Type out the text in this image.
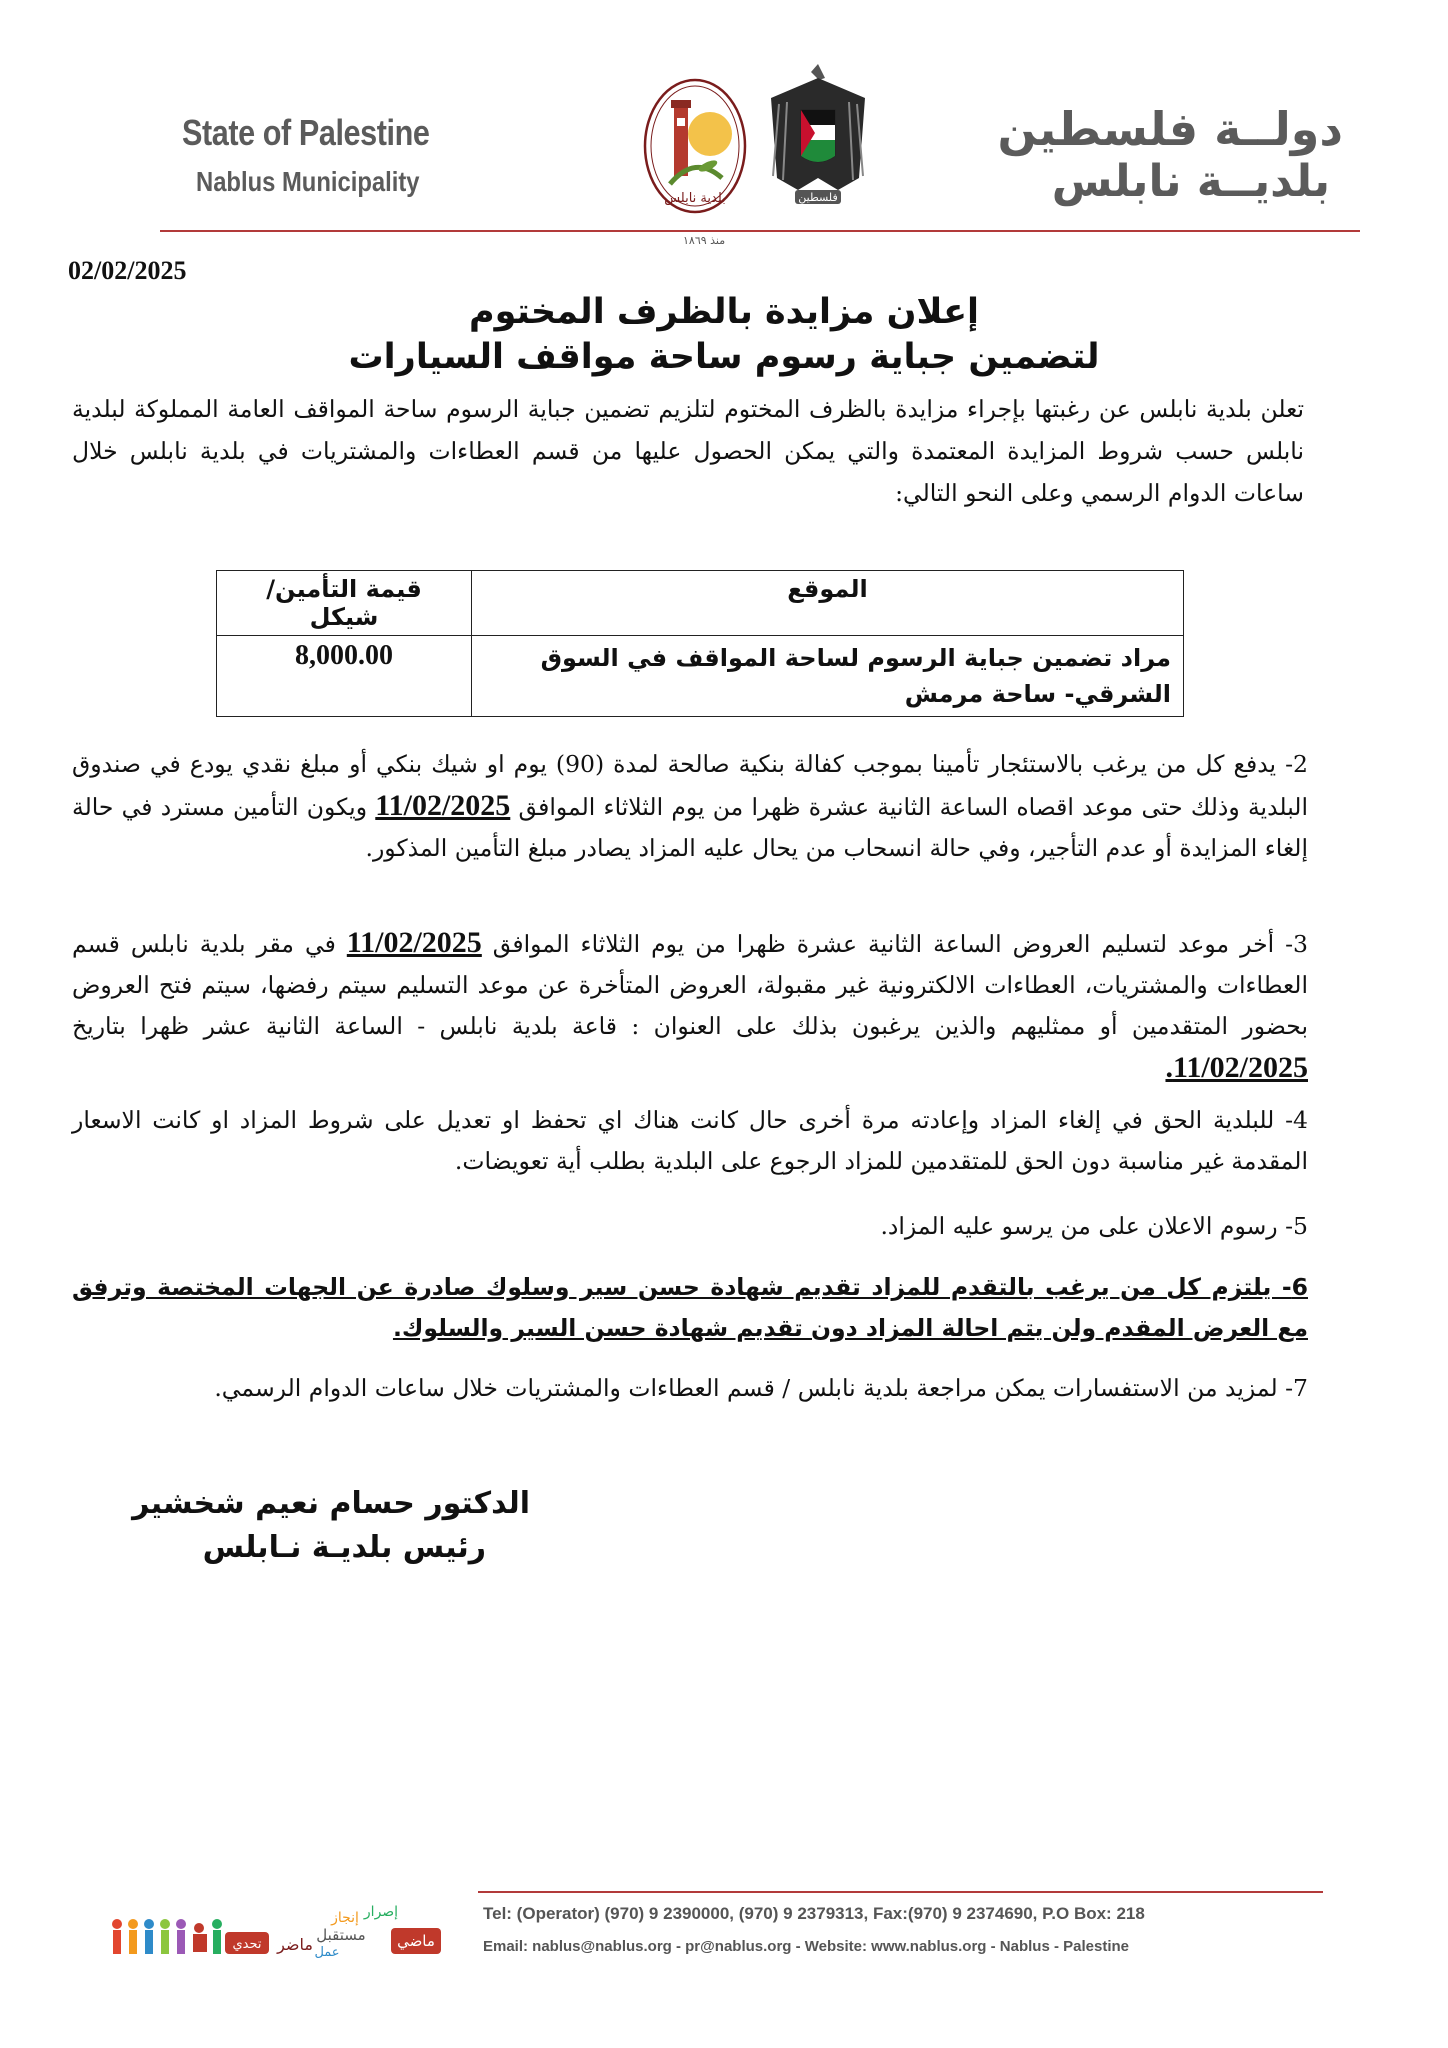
State of Palestine
Nablus Municipality
بلدية نابلس	فلسطين
دولــة فلسطين
بلديــة نابلس
منذ ١٨٦٩
02/02/2025
إعلان مزايدة بالظرف المختوم
لتضمين جباية رسوم ساحة مواقف السيارات
تعلن بلدية نابلس عن رغبتها بإجراء مزايدة بالظرف المختوم لتلزيم تضمين جباية الرسوم ساحة المواقف العامة المملوكة لبلدية نابلس حسب شروط المزايدة المعتمدة والتي يمكن الحصول عليها من قسم العطاءات والمشتريات في بلدية نابلس خلال ساعات الدوام الرسمي وعلى النحو التالي:
الموقع	قيمة التأمين/ شيكل
مراد تضمين جباية الرسوم لساحة المواقف في السوق الشرقي- ساحة مرمش	8,000.00
2- يدفع كل من يرغب بالاستئجار تأمينا بموجب كفالة بنكية صالحة لمدة (90) يوم او شيك بنكي أو مبلغ نقدي يودع في صندوق البلدية وذلك حتى موعد اقصاه الساعة الثانية عشرة ظهرا من يوم الثلاثاء الموافق 11/02/2025 ويكون التأمين مسترد في حالة إلغاء المزايدة أو عدم التأجير، وفي حالة انسحاب من يحال عليه المزاد يصادر مبلغ التأمين المذكور.
3- أخر موعد لتسليم العروض الساعة الثانية عشرة ظهرا من يوم الثلاثاء الموافق 11/02/2025 في مقر بلدية نابلس قسم العطاءات والمشتريات، العطاءات الالكترونية غير مقبولة، العروض المتأخرة عن موعد التسليم سيتم رفضها، سيتم فتح العروض بحضور المتقدمين أو ممثليهم والذين يرغبون بذلك على العنوان : قاعة بلدية نابلس - الساعة الثانية عشر ظهرا بتاريخ 11/02/2025.
4- للبلدية الحق في إلغاء المزاد وإعادته مرة أخرى حال كانت هناك اي تحفظ او تعديل على شروط المزاد او كانت الاسعار المقدمة غير مناسبة دون الحق للمتقدمين للمزاد الرجوع على البلدية بطلب أية تعويضات.
5- رسوم الاعلان على من يرسو عليه المزاد.
6- يلتزم كل من يرغب بالتقدم للمزاد تقديم شهادة حسن سير وسلوك صادرة عن الجهات المختصة وترفق مع العرض المقدم ولن يتم احالة المزاد دون تقديم شهادة حسن السير والسلوك.
7- لمزيد من الاستفسارات يمكن مراجعة بلدية نابلس / قسم العطاءات والمشتريات خلال ساعات الدوام الرسمي.
الدكتور حسام نعيم شخشير
رئيس بلديـة نـابلس
تحدي ماضر عمل
مستقبل
إنجاز إصرار
ماضي
Tel: (Operator) (970) 9 2390000, (970) 9 2379313, Fax:(970) 9 2374690, P.O Box: 218
Email: nablus@nablus.org - pr@nablus.org - Website: www.nablus.org - Nablus - Palestine
